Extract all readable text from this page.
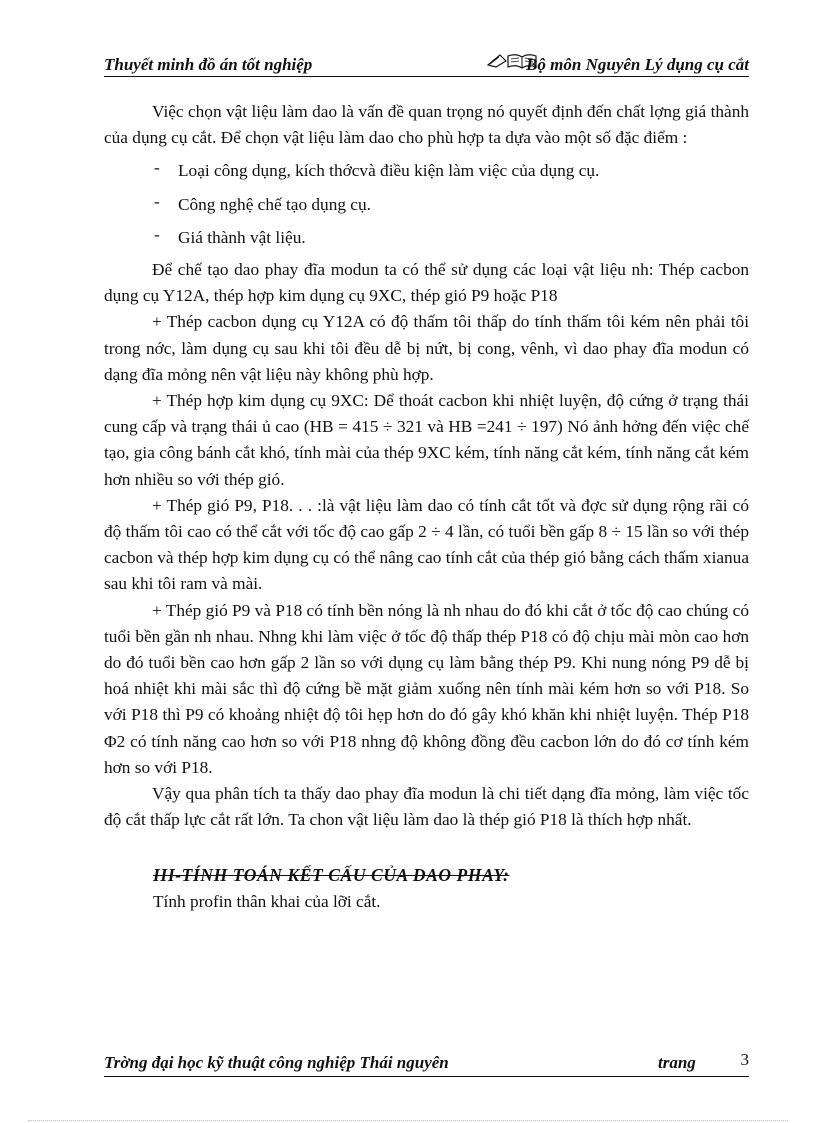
Thuyết minh đồ án tốt nghiệp	Bộ môn Nguyên Lý dụng cụ cắt

Việc chọn vật liệu làm dao là vấn đề quan trọng nó quyết định đến chất lợng giá thành của dụng cụ cắt. Để chọn vật liệu làm dao cho phù hợp ta dựa vào một số đặc điểm :

- Loại công dụng, kích thớcvà điều kiện làm việc của dụng cụ.
- Công nghệ chế tạo dụng cụ.
- Giá thành vật liệu.

Để chế tạo dao phay đĩa modun ta có thể sử dụng các loại vật liệu nh: Thép cacbon dụng cụ Y12A, thép hợp kim dụng cụ 9XC, thép gió P9 hoặc P18

+ Thép cacbon dụng cụ Y12A có độ thấm tôi thấp do tính thấm tôi kém nên phải tôi trong nớc, làm dụng cụ sau khi tôi đều dễ bị nứt, bị cong, vênh, vì dao phay đĩa modun có dạng đĩa mỏng nên vật liệu này không phù hợp.

+ Thép hợp kim dụng cụ 9XC: Dể thoát cacbon khi nhiệt luyện, độ cứng ở trạng thái cung cấp và trạng thái ủ cao (HB = 415 ÷ 321 và HB =241 ÷ 197) Nó ảnh hởng đến việc chế tạo, gia công bánh cắt khó, tính mài của thép 9XC kém, tính năng cắt kém, tính năng cắt kém hơn nhiều so với thép gió.

+ Thép gió P9, P18. . . :là vật liệu làm dao có tính cắt tốt và đợc sử dụng rộng rãi có độ thấm tôi cao có thể cắt với tốc độ cao gấp 2 ÷ 4 lần, có tuổi bền gấp 8 ÷ 15 lần so với thép cacbon và thép hợp kim dụng cụ có thể nâng cao tính cắt của thép gió bằng cách thấm xianua sau khi tôi ram và mài.

+ Thép gió P9 và P18 có tính bền nóng là nh nhau do đó khi cắt ở tốc độ cao chúng có tuổi bền gần nh nhau. Nhng khi làm việc ở tốc độ thấp thép P18 có độ chịu mài mòn cao hơn do đó tuổi bền cao hơn gấp 2 lần so với dụng cụ làm bằng thép P9. Khi nung nóng P9 dễ bị hoá nhiệt khi mài sắc thì độ cứng bề mặt giảm xuống nên tính mài kém hơn so với P18. So với P18 thì P9 có khoảng nhiệt độ tôi hẹp hơn do đó gây khó khăn khi nhiệt luyện. Thép P18 Φ2 có tính năng cao hơn so với P18 nhng độ không đồng đều cacbon lớn do đó cơ tính kém hơn so với P18.

Vậy qua phân tích ta thấy dao phay đĩa modun là chi tiết dạng đĩa mỏng, làm việc tốc độ cắt thấp lực cắt rất lớn. Ta chon vật liệu làm dao là thép gió P18 là thích hợp nhất.

III-TÍNH TOÁN KẾT CẤU CỦA DAO PHAY:
Tính profin thân khai của lỡi cắt.
Trờng đại học kỹ thuật công nghiệp Thái nguyên	trang	3
